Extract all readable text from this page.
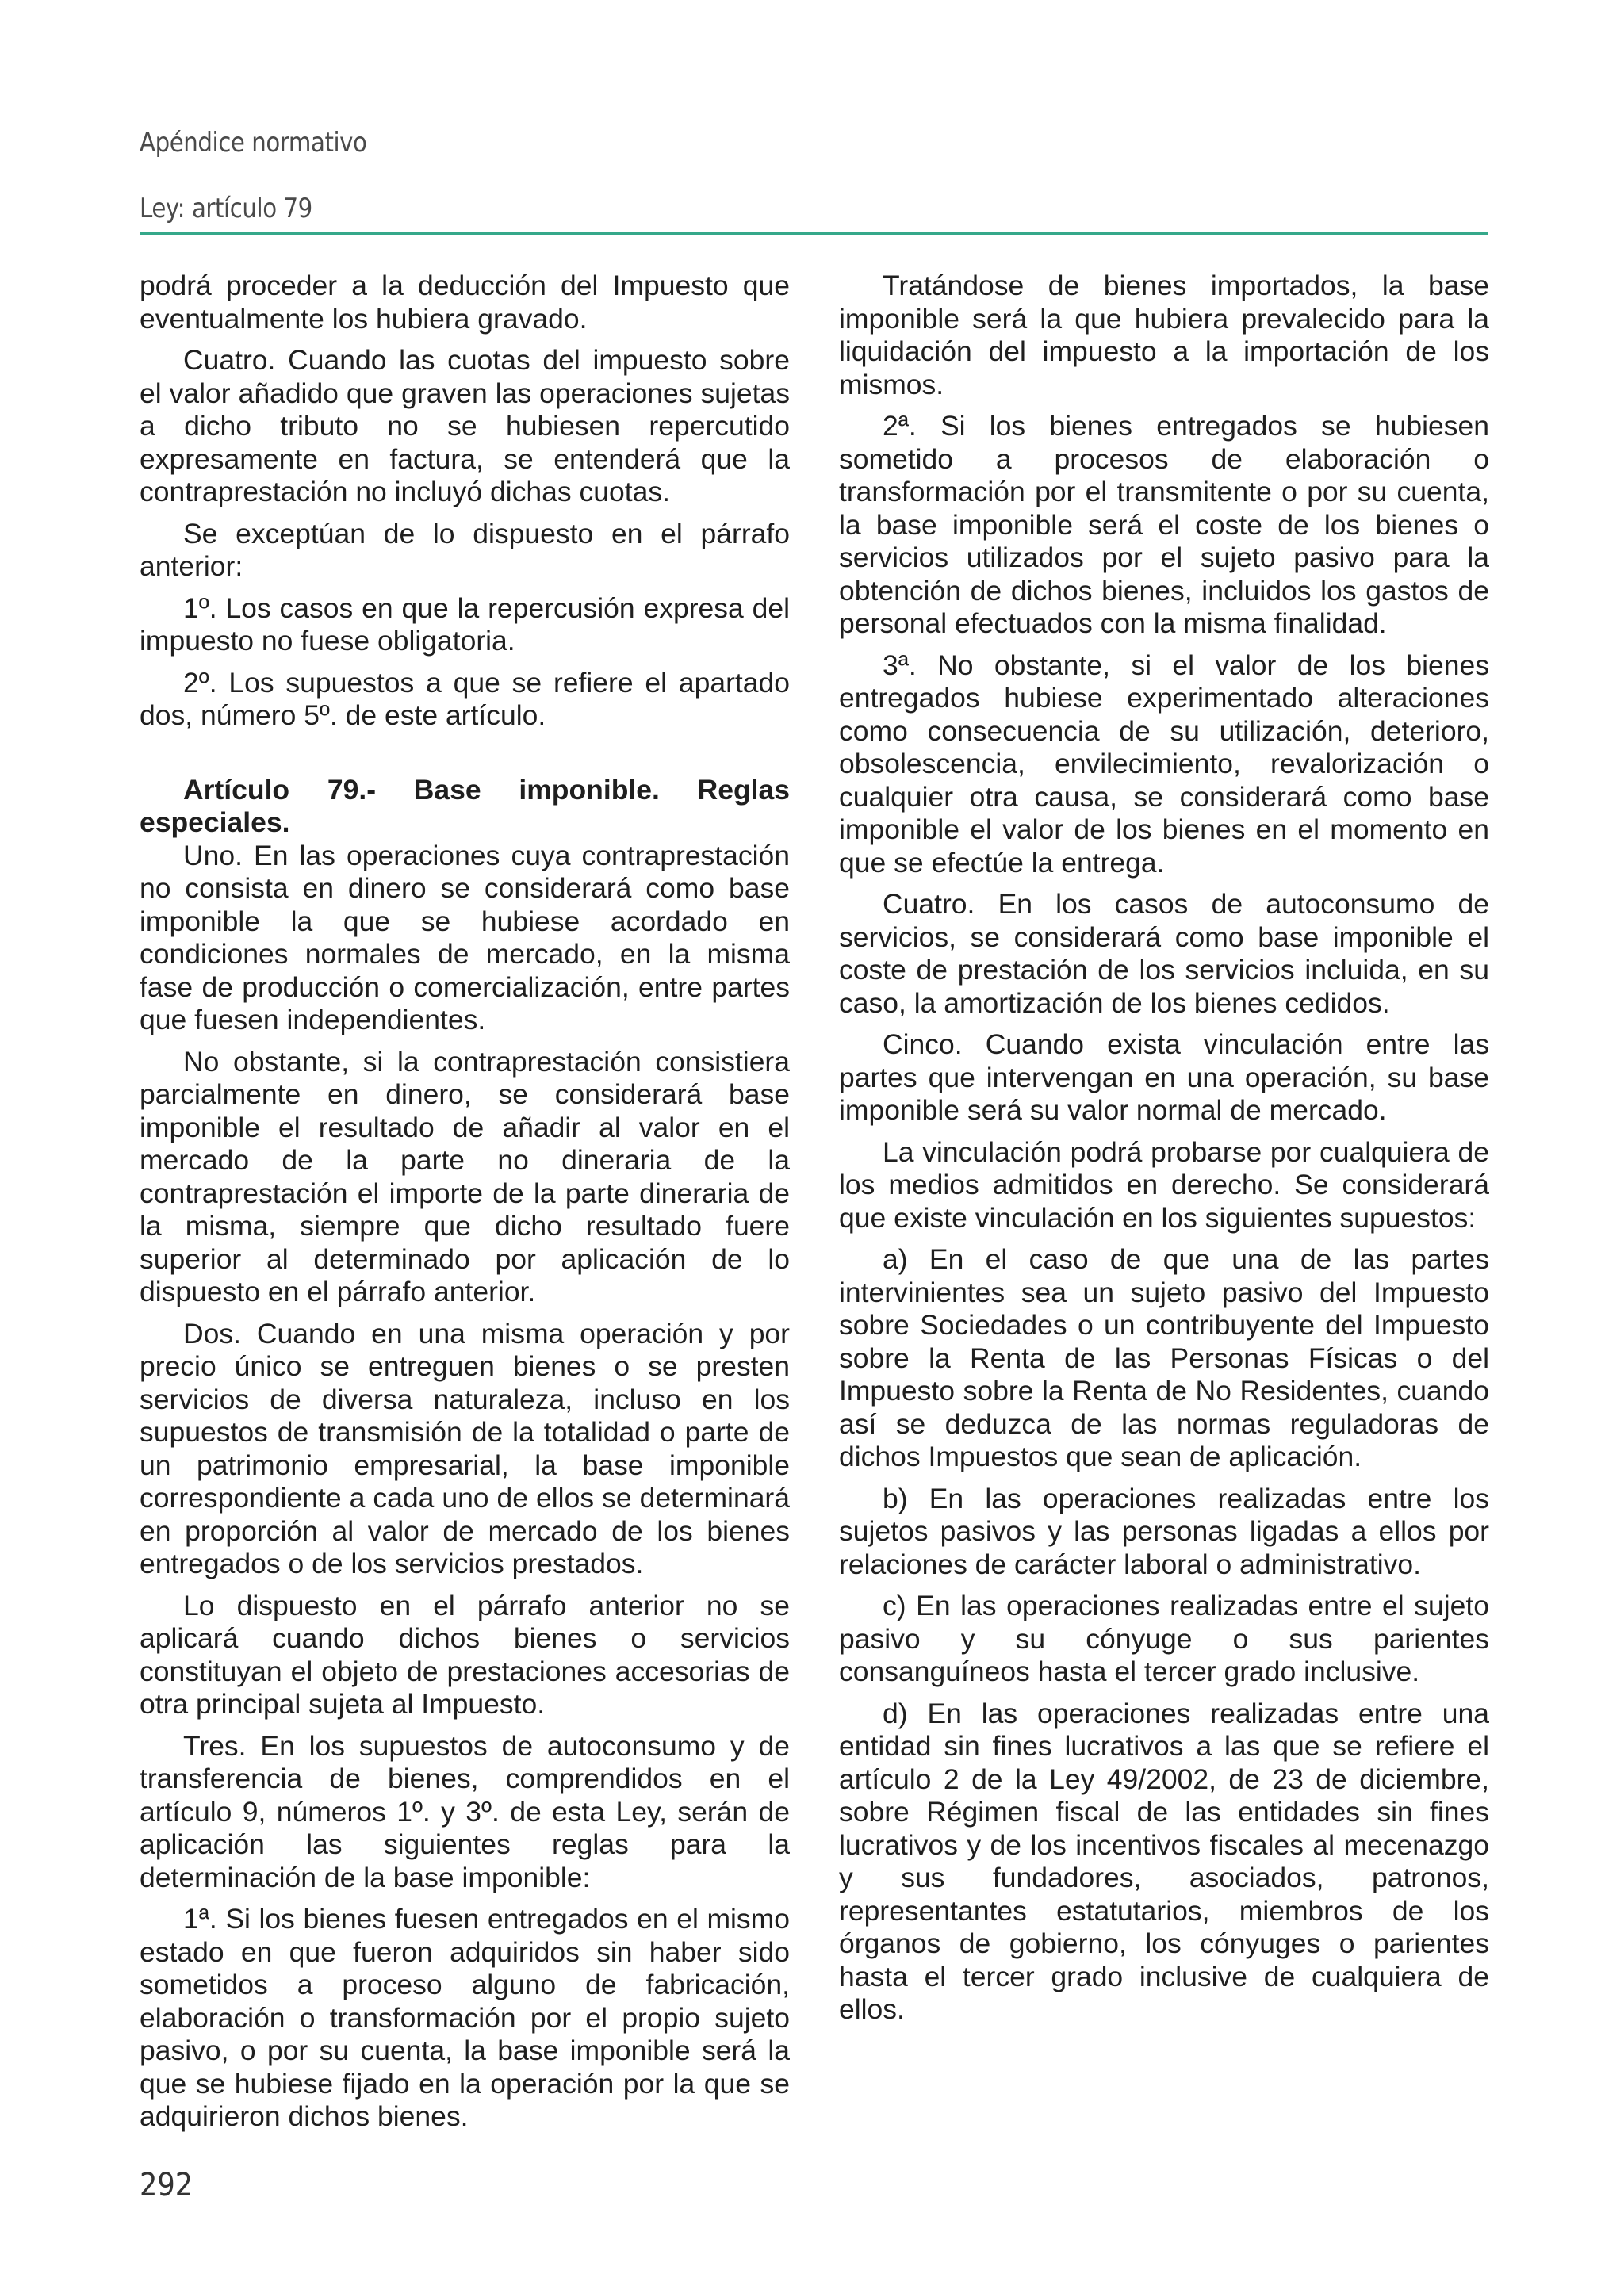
Apéndice normativo
Ley: artículo 79

podrá proceder a la deducción del Impuesto que eventualmente los hubiera gravado.

Cuatro. Cuando las cuotas del impuesto sobre el valor añadido que graven las operaciones sujetas a dicho tributo no se hubiesen repercutido expresamente en factura, se entenderá que la contraprestación no incluyó dichas cuotas.

Se exceptúan de lo dispuesto en el párrafo anterior:

1º. Los casos en que la repercusión expresa del impuesto no fuese obligatoria.

2º. Los supuestos a que se refiere el apartado dos, número 5º. de este artículo.

Artículo 79.- Base imponible. Reglas especiales.

Uno. En las operaciones cuya contraprestación no consista en dinero se considerará como base imponible la que se hubiese acordado en condiciones normales de mercado, en la misma fase de producción o comercialización, entre partes que fuesen independientes.

No obstante, si la contraprestación consistiera parcialmente en dinero, se considerará base imponible el resultado de añadir al valor en el mercado de la parte no dineraria de la contraprestación el importe de la parte dineraria de la misma, siempre que dicho resultado fuere superior al determinado por aplicación de lo dispuesto en el párrafo anterior.

Dos. Cuando en una misma operación y por precio único se entreguen bienes o se presten servicios de diversa naturaleza, incluso en los supuestos de transmisión de la totalidad o parte de un patrimonio empresarial, la base imponible correspondiente a cada uno de ellos se determinará en proporción al valor de mercado de los bienes entregados o de los servicios prestados.

Lo dispuesto en el párrafo anterior no se aplicará cuando dichos bienes o servicios constituyan el objeto de prestaciones accesorias de otra principal sujeta al Impuesto.

Tres. En los supuestos de autoconsumo y de transferencia de bienes, comprendidos en el artículo 9, números 1º. y 3º. de esta Ley, serán de aplicación las siguientes reglas para la determinación de la base imponible:

1ª. Si los bienes fuesen entregados en el mismo estado en que fueron adquiridos sin haber sido sometidos a proceso alguno de fabricación, elaboración o transformación por el propio sujeto pasivo, o por su cuenta, la base imponible será la que se hubiese fijado en la operación por la que se adquirieron dichos bienes.

Tratándose de bienes importados, la base imponible será la que hubiera prevalecido para la liquidación del impuesto a la importación de los mismos.

2ª. Si los bienes entregados se hubiesen sometido a procesos de elaboración o transformación por el transmitente o por su cuenta, la base imponible será el coste de los bienes o servicios utilizados por el sujeto pasivo para la obtención de dichos bienes, incluidos los gastos de personal efectuados con la misma finalidad.

3ª. No obstante, si el valor de los bienes entregados hubiese experimentado alteraciones como consecuencia de su utilización, deterioro, obsolescencia, envilecimiento, revalorización o cualquier otra causa, se considerará como base imponible el valor de los bienes en el momento en que se efectúe la entrega.

Cuatro. En los casos de autoconsumo de servicios, se considerará como base imponible el coste de prestación de los servicios incluida, en su caso, la amortización de los bienes cedidos.

Cinco. Cuando exista vinculación entre las partes que intervengan en una operación, su base imponible será su valor normal de mercado.

La vinculación podrá probarse por cualquiera de los medios admitidos en derecho. Se considerará que existe vinculación en los siguientes supuestos:

a) En el caso de que una de las partes intervinientes sea un sujeto pasivo del Impuesto sobre Sociedades o un contribuyente del Impuesto sobre la Renta de las Personas Físicas o del Impuesto sobre la Renta de No Residentes, cuando así se deduzca de las normas reguladoras de dichos Impuestos que sean de aplicación.

b) En las operaciones realizadas entre los sujetos pasivos y las personas ligadas a ellos por relaciones de carácter laboral o administrativo.

c) En las operaciones realizadas entre el sujeto pasivo y su cónyuge o sus parientes consanguíneos hasta el tercer grado inclusive.

d) En las operaciones realizadas entre una entidad sin fines lucrativos a las que se refiere el artículo 2 de la Ley 49/2002, de 23 de diciembre, sobre Régimen fiscal de las entidades sin fines lucrativos y de los incentivos fiscales al mecenazgo y sus fundadores, asociados, patronos, representantes estatutarios, miembros de los órganos de gobierno, los cónyuges o parientes hasta el tercer grado inclusive de cualquiera de ellos.

292
